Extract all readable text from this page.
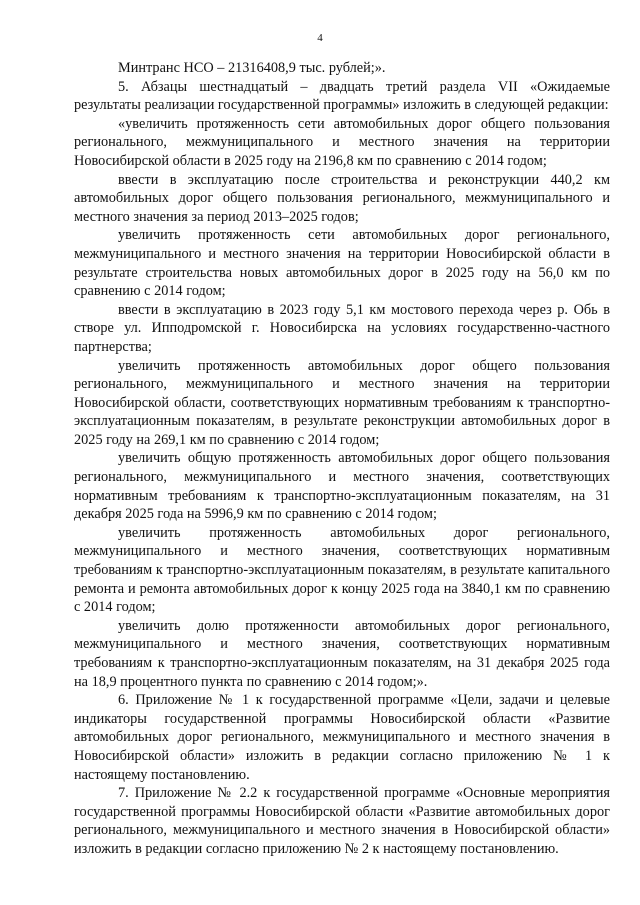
4

Минтранс НСО – 21316408,9 тыс. рублей;».

5. Абзацы шестнадцатый – двадцать третий раздела VII «Ожидаемые результаты реализации государственной программы» изложить в следующей редакции:

«увеличить протяженность сети автомобильных дорог общего пользования регионального, межмуниципального и местного значения на территории Новосибирской области в 2025 году на 2196,8 км по сравнению с 2014 годом;

ввести в эксплуатацию после строительства и реконструкции 440,2 км автомобильных дорог общего пользования регионального, межмуниципального и местного значения за период 2013–2025 годов;

увеличить протяженность сети автомобильных дорог регионального, межмуниципального и местного значения на территории Новосибирской области в результате строительства новых автомобильных дорог в 2025 году на 56,0 км по сравнению с 2014 годом;

ввести в эксплуатацию в 2023 году 5,1 км мостового перехода через р. Обь в створе ул. Ипподромской г. Новосибирска на условиях государственно-частного партнерства;

увеличить протяженность автомобильных дорог общего пользования регионального, межмуниципального и местного значения на территории Новосибирской области, соответствующих нормативным требованиям к транспортно-эксплуатационным показателям, в результате реконструкции автомобильных дорог в 2025 году на 269,1 км по сравнению с 2014 годом;

увеличить общую протяженность автомобильных дорог общего пользования регионального, межмуниципального и местного значения, соответствующих нормативным требованиям к транспортно-эксплуатационным показателям, на 31 декабря 2025 года на 5996,9 км по сравнению с 2014 годом;

увеличить протяженность автомобильных дорог регионального, межмуниципального и местного значения, соответствующих нормативным требованиям к транспортно-эксплуатационным показателям, в результате капитального ремонта и ремонта автомобильных дорог к концу 2025 года на 3840,1 км по сравнению с 2014 годом;

увеличить долю протяженности автомобильных дорог регионального, межмуниципального и местного значения, соответствующих нормативным требованиям к транспортно-эксплуатационным показателям, на 31 декабря 2025 года на 18,9 процентного пункта по сравнению с 2014 годом;».

6. Приложение № 1 к государственной программе «Цели, задачи и целевые индикаторы государственной программы Новосибирской области «Развитие автомобильных дорог регионального, межмуниципального и местного значения в Новосибирской области» изложить в редакции согласно приложению № 1 к настоящему постановлению.

7. Приложение № 2.2 к государственной программе «Основные мероприятия государственной программы Новосибирской области «Развитие автомобильных дорог регионального, межмуниципального и местного значения в Новосибирской области» изложить в редакции согласно приложению № 2 к настоящему постановлению.
